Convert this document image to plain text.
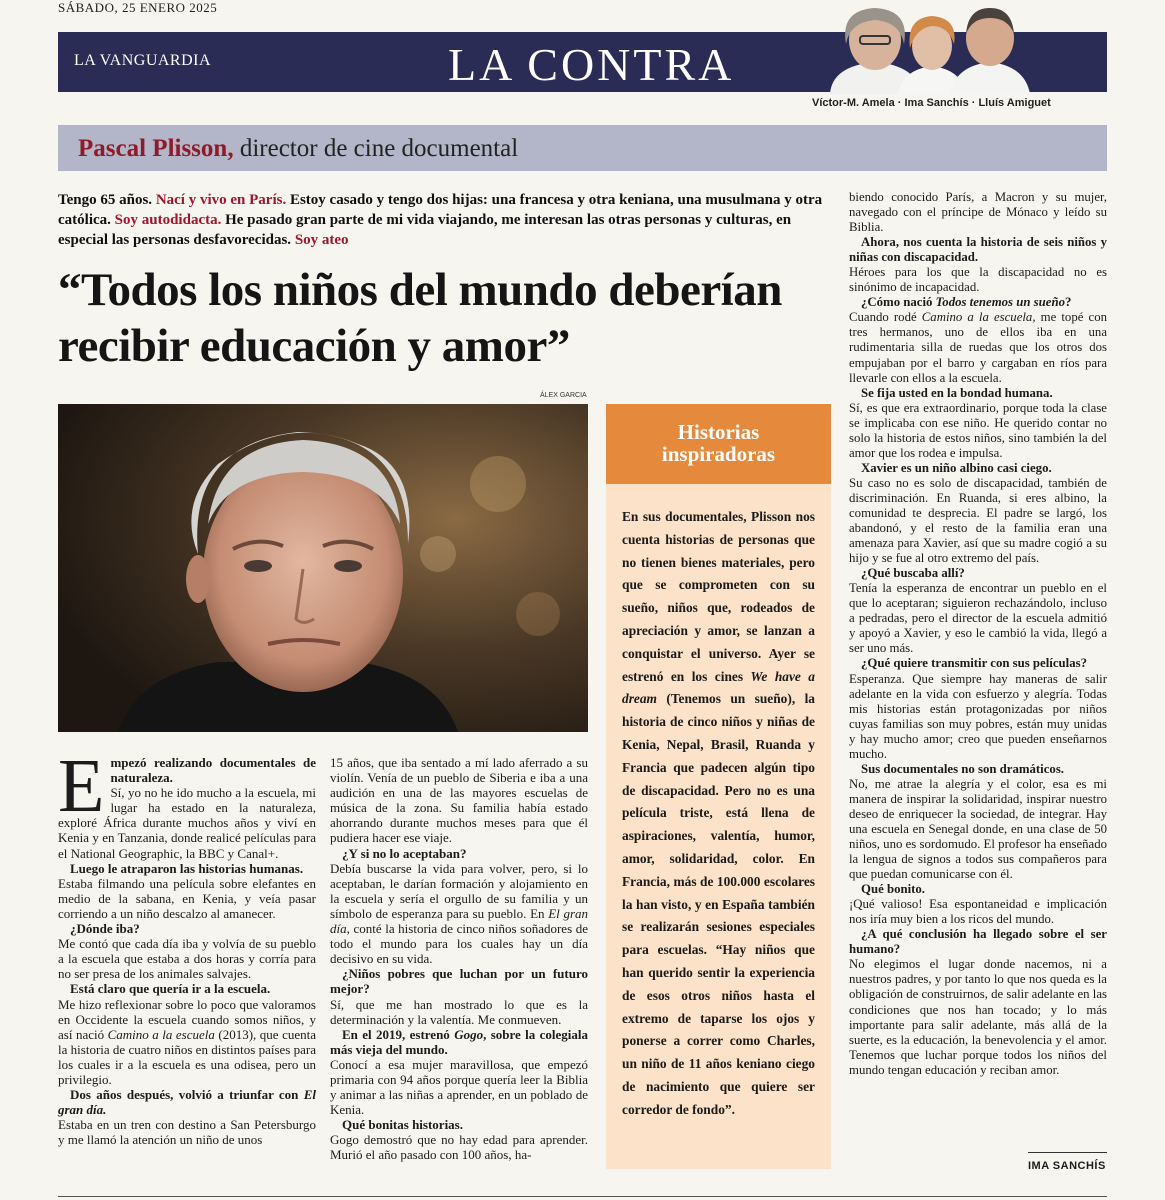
SÁBADO, 25 ENERO 2025
LA VANGUARDIA	LA CONTRA
Víctor-M. Amela · Ima Sanchís · Lluís Amiguet
Pascal Plisson, director de cine documental
Tengo 65 años. Nací y vivo en París. Estoy casado y tengo dos hijas: una francesa y otra keniana, una musulmana y otra católica. Soy autodidacta. He pasado gran parte de mi vida viajando, me interesan las otras personas y culturas, en especial las personas desfavorecidas. Soy ateo
“Todos los niños del mundo deberían recibir educación y amor”
ÁLEX GARCIA
E mpezó realizando documentales de naturaleza.

Sí, yo no he ido mucho a la escuela, mi lugar ha estado en la naturaleza, exploré África durante muchos años y viví en Kenia y en Tanzania, donde realicé películas para el National Geographic, la BBC y Canal+.

Luego le atraparon las historias humanas.

Estaba filmando una película sobre elefantes en medio de la sabana, en Kenia, y veía pasar corriendo a un niño descalzo al amanecer.

¿Dónde iba?

Me contó que cada día iba y volvía de su pueblo a la escuela que estaba a dos horas y corría para no ser presa de los animales salvajes.

Está claro que quería ir a la escuela.

Me hizo reflexionar sobre lo poco que valoramos en Occidente la escuela cuando somos niños, y así nació Camino a la escuela (2013), que cuenta la historia de cuatro niños en distintos países para los cuales ir a la escuela es una odisea, pero un privilegio.

Dos años después, volvió a triunfar con El gran día.

Estaba en un tren con destino a San Petersburgo y me llamó la atención un niño de unos

15 años, que iba sentado a mí lado aferrado a su violín. Venía de un pueblo de Siberia e iba a una audición en una de las mayores escuelas de música de la zona. Su familia había estado ahorrando durante muchos meses para que él pudiera hacer ese viaje.

¿Y si no lo aceptaban?

Debía buscarse la vida para volver, pero, si lo aceptaban, le darían formación y alojamiento en la escuela y sería el orgullo de su familia y un símbolo de esperanza para su pueblo. En El gran día, conté la historia de cinco niños soñadores de todo el mundo para los cuales hay un día decisivo en su vida.

¿Niños pobres que luchan por un futuro mejor?

Sí, que me han mostrado lo que es la determinación y la valentía. Me conmueven.

En el 2019, estrenó Gogo, sobre la colegiala más vieja del mundo.

Conocí a esa mujer maravillosa, que empezó primaria con 94 años porque quería leer la Biblia y animar a las niñas a aprender, en un poblado de Kenia.

Qué bonitas historias.

Gogo demostró que no hay edad para aprender. Murió el año pasado con 100 años, ha-

Historias inspiradoras
En sus documentales, Plisson nos cuenta historias de personas que no tienen bienes materiales, pero que se comprometen con su sueño, niños que, rodeados de apreciación y amor, se lanzan a conquistar el universo. Ayer se estrenó en los cines We have a dream (Tenemos un sueño), la historia de cinco niños y niñas de Kenia, Nepal, Brasil, Ruanda y Francia que padecen algún tipo de discapacidad. Pero no es una película triste, está llena de aspiraciones, valentía, humor, amor, solidaridad, color. En Francia, más de 100.000 escolares la han visto, y en España también se realizarán sesiones especiales para escuelas. “Hay niños que han querido sentir la experiencia de esos otros niños hasta el extremo de taparse los ojos y ponerse a correr como Charles, un niño de 11 años keniano ciego de nacimiento que quiere ser corredor de fondo”.

biendo conocido París, a Macron y su mujer, navegado con el príncipe de Mónaco y leído su Biblia.

Ahora, nos cuenta la historia de seis niños y niñas con discapacidad.

Héroes para los que la discapacidad no es sinónimo de incapacidad.

¿Cómo nació Todos tenemos un sueño?

Cuando rodé Camino a la escuela, me topé con tres hermanos, uno de ellos iba en una rudimentaria silla de ruedas que los otros dos empujaban por el barro y cargaban en ríos para llevarle con ellos a la escuela.

Se fija usted en la bondad humana.

Sí, es que era extraordinario, porque toda la clase se implicaba con ese niño. He querido contar no solo la historia de estos niños, sino también la del amor que los rodea e impulsa.

Xavier es un niño albino casi ciego.

Su caso no es solo de discapacidad, también de discriminación. En Ruanda, si eres albino, la comunidad te desprecia. El padre se largó, los abandonó, y el resto de la familia eran una amenaza para Xavier, así que su madre cogió a su hijo y se fue al otro extremo del país.

¿Qué buscaba allí?

Tenía la esperanza de encontrar un pueblo en el que lo aceptaran; siguieron rechazándolo, incluso a pedradas, pero el director de la escuela admitió y apoyó a Xavier, y eso le cambió la vida, llegó a ser uno más.

¿Qué quiere transmitir con sus películas?

Esperanza. Que siempre hay maneras de salir adelante en la vida con esfuerzo y alegría. Todas mis historias están protagonizadas por niños cuyas familias son muy pobres, están muy unidas y hay mucho amor; creo que pueden enseñarnos mucho.

Sus documentales no son dramáticos.

No, me atrae la alegría y el color, esa es mi manera de inspirar la solidaridad, inspirar nuestro deseo de enriquecer la sociedad, de integrar. Hay una escuela en Senegal donde, en una clase de 50 niños, uno es sordomudo. El profesor ha enseñado la lengua de signos a todos sus compañeros para que puedan comunicarse con él.

Qué bonito.

¡Qué valioso! Esa espontaneidad e implicación nos iría muy bien a los ricos del mundo.

¿A qué conclusión ha llegado sobre el ser humano?

No elegimos el lugar donde nacemos, ni a nuestros padres, y por tanto lo que nos queda es la obligación de construirnos, de salir adelante en las condiciones que nos han tocado; y lo más importante para salir adelante, más allá de la suerte, es la educación, la benevolencia y el amor. Tenemos que luchar porque todos los niños del mundo tengan educación y reciban amor.

IMA SANCHÍS
